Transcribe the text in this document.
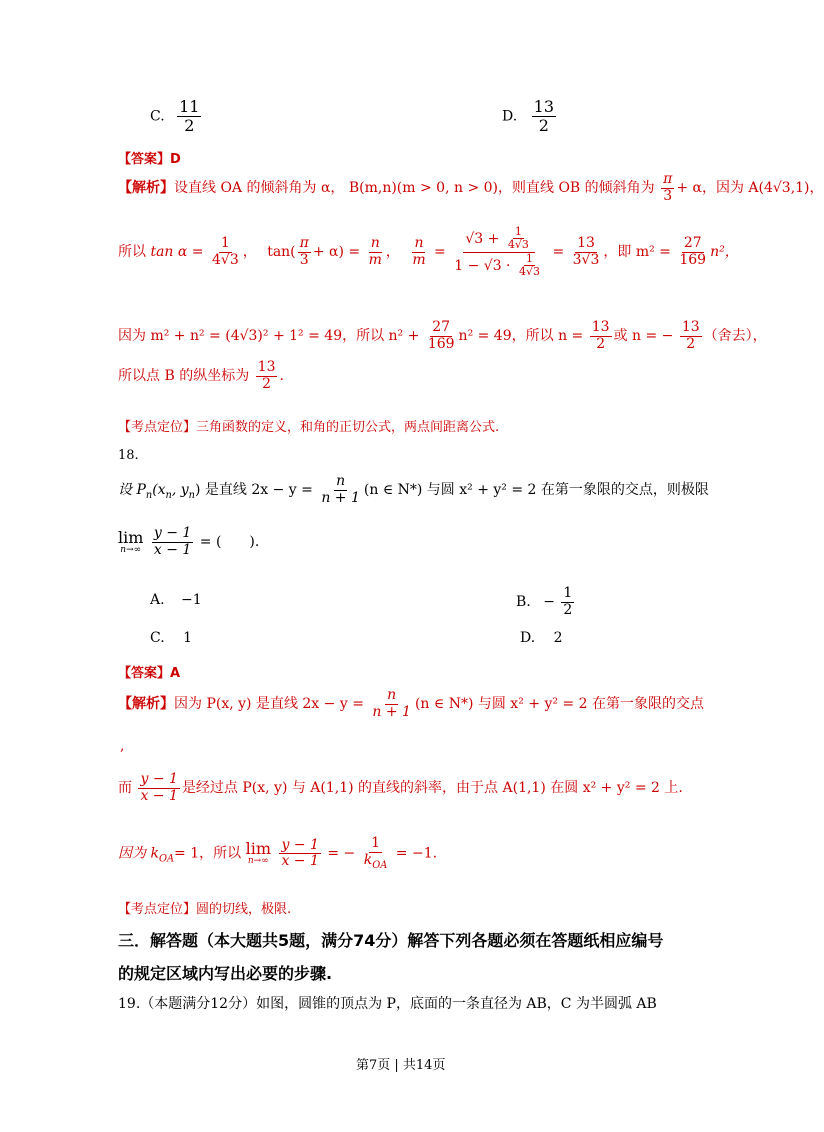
C. $\frac{11}{2}$	D. $\frac{13}{2}$
【答案】D
【解析】设直线 OA 的倾斜角为 α， B(m,n)(m > 0, n > 0)，则直线 OB 的倾斜角为 $\frac{\pi}{3} + \alpha$，因为 A(4√3,1)，
所以 $\tan \alpha = \frac{1}{4√3}$ ， $\tan( \frac{\pi}{3} + \alpha) = \frac{n}{m}$ ， $\frac{n}{m} = \frac{√3 + \frac{1}{4√3}}{1 - √3 \cdot \frac{1}{4√3}} = \frac{13}{3√3}$ ，即 $m^2 = \frac{27}{169} n^2$，
因为 m² + n² = (4√3)² + 1² = 49，所以 $n^2 + \frac{27}{169} n^2 = 49$，所以 $n = \frac{13}{2}$ 或 n = − $\frac{13}{2}$ （舍去），
所以点 B 的纵坐标为 $\frac{13}{2}$ .
【考点定位】三角函数的定义，和角的正切公式，两点间距离公式.
18.
设 $P_n(x_n$, $y_n$) 是直线 $2x - y = \frac{n}{n + 1} (n$ ∈ N*) 与圆 x² + y² = 2 在第一象限的交点，则极限
lim
n→∞
$\frac{y - 1}{x - 1}$ = (　　).
A. −1	B. − $\frac{1}{2}$
C. 1	D. 2
【答案】A
【解析】因为 P(x, y) 是直线 $2x - y = \frac{n}{n + 1} (n$ ∈ N*) 与圆 x² + y² = 2 在第一象限的交点
,
而 $\frac{y - 1}{x - 1}$ 是经过点 P(x, y) 与 A(1,1) 的直线的斜率，由于点 A(1,1) 在圆 x² + y² = 2 上.
因为 $k_{OA}= 1$，所以 lim
n→∞
$\frac{y - 1}{x - 1}$ = − $\frac{1}{k_{OA}} = -1$.
【考点定位】圆的切线，极限.
三．解答题（本大题共5题，满分74分）解答下列各题必须在答题纸相应编号
的规定区域内写出必要的步骤.
19.（本题满分12分）如图，圆锥的顶点为 P，底面的一条直径为 AB，C 为半圆弧 AB
第7页 | 共14页
